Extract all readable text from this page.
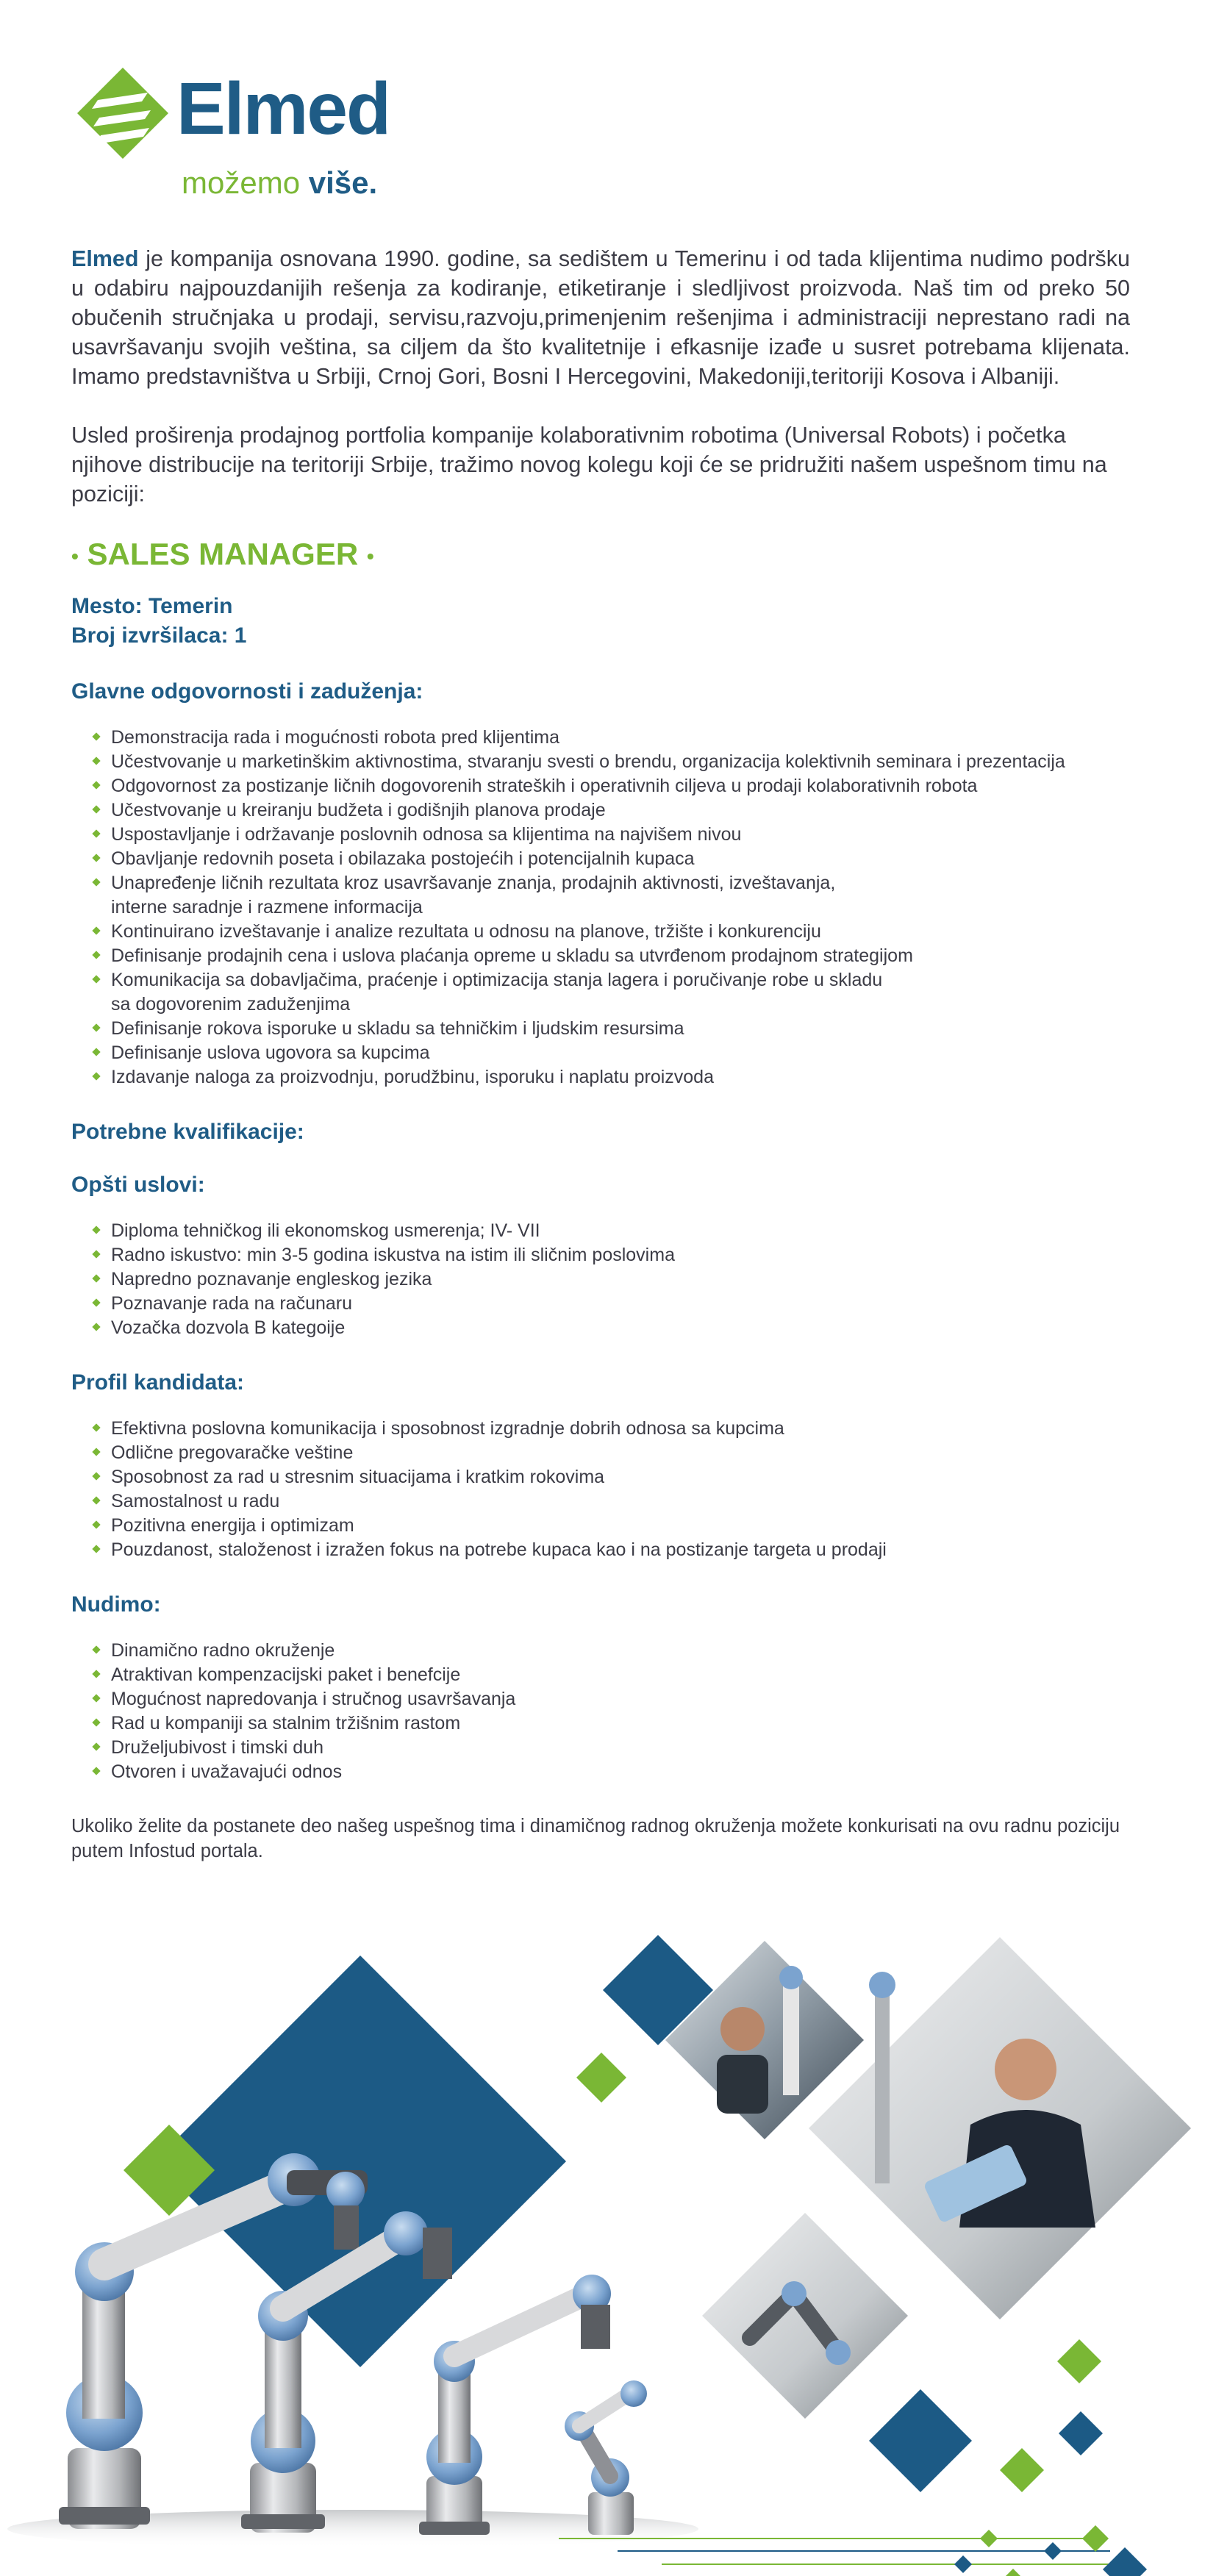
Elmed
možemo više.

Elmed je kompanija osnovana 1990. godine, sa sedištem u Temerinu i od tada klijentima nudimo podršku u odabiru najpouzdanijih rešenja za kodiranje, etiketiranje i sledljivost proizvoda. Naš tim od preko 50 obučenih stručnjaka u prodaji, servisu,razvoju,primenjenim rešenjima i administraciji neprestano radi na usavršavanju svojih veština, sa ciljem da što kvalitetnije i efkasnije izađe u susret potrebama klijenata. Imamo predstavništva u Srbiji, Crnoj Gori, Bosni I Hercegovini, Makedoniji,teritoriji Kosova i Albaniji.

Usled proširenja prodajnog portfolia kompanije kolaborativnim robotima (Universal Robots) i početka njihove distribucije na teritoriji Srbije, tražimo novog kolegu koji će se pridružiti našem uspešnom timu na poziciji:

• SALES MANAGER •
Mesto: Temerin
Broj izvršilaca: 1
Glavne odgovornosti i zaduženja:
Demonstracija rada i mogućnosti robota pred klijentima
Učestvovanje u marketinškim aktivnostima, stvaranju svesti o brendu, organizacija kolektivnih seminara i prezentacija
Odgovornost za postizanje ličnih dogovorenih strateških i operativnih ciljeva u prodaji kolaborativnih robota
Učestvovanje u kreiranju budžeta i godišnjih planova prodaje
Uspostavljanje i održavanje poslovnih odnosa sa klijentima na najvišem nivou
Obavljanje redovnih poseta i obilazaka postojećih i potencijalnih kupaca
Unapređenje ličnih rezultata kroz usavršavanje znanja, prodajnih aktivnosti, izveštavanja,
interne saradnje i razmene informacija
Kontinuirano izveštavanje i analize rezultata u odnosu na planove, tržište i konkurenciju
Definisanje prodajnih cena i uslova plaćanja opreme u skladu sa utvrđenom prodajnom strategijom
Komunikacija sa dobavljačima, praćenje i optimizacija stanja lagera i poručivanje robe u skladu
sa dogovorenim zaduženjima
Definisanje rokova isporuke u skladu sa tehničkim i ljudskim resursima
Definisanje uslova ugovora sa kupcima
Izdavanje naloga za proizvodnju, porudžbinu, isporuku i naplatu proizvoda
Potrebne kvalifikacije:
Opšti uslovi:
Diploma tehničkog ili ekonomskog usmerenja; IV- VII
Radno iskustvo: min 3-5 godina iskustva na istim ili sličnim poslovima
Napredno poznavanje engleskog jezika
Poznavanje rada na računaru
Vozačka dozvola B kategoije
Profil kandidata:
Efektivna poslovna komunikacija i sposobnost izgradnje dobrih odnosa sa kupcima
Odlične pregovaračke veštine
Sposobnost za rad u stresnim situacijama i kratkim rokovima
Samostalnost u radu
Pozitivna energija i optimizam
Pouzdanost, staloženost i izražen fokus na potrebe kupaca kao i na postizanje targeta u prodaji
Nudimo:
Dinamično radno okruženje
Atraktivan kompenzacijski paket i benefcije
Mogućnost napredovanja i stručnog usavršavanja
Rad u kompaniji sa stalnim tržišnim rastom
Druželjubivost i timski duh
Otvoren i uvažavajući odnos

Ukoliko želite da postanete deo našeg uspešnog tima i dinamičnog radnog okruženja možete konkurisati na ovu radnu poziciju putem Infostud portala.
